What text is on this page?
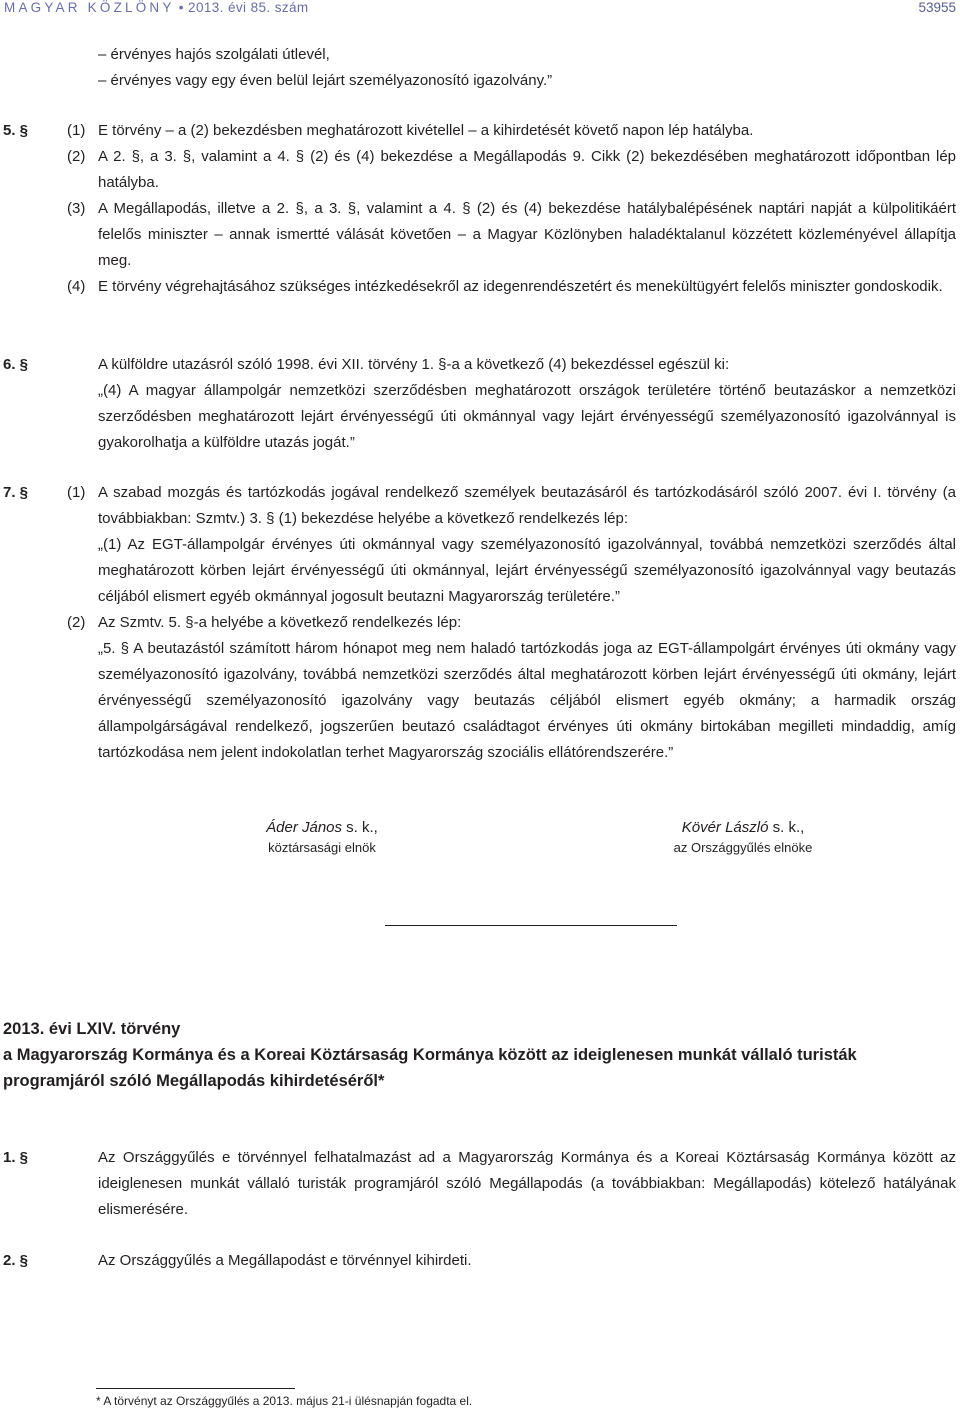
MAGYAR KÖZLÖNY • 2013. évi 85. szám	53955
– érvényes hajós szolgálati útlevél,
– érvényes vagy egy éven belül lejárt személyazonosító igazolvány.”
5. §	(1) E törvény – a (2) bekezdésben meghatározott kivétellel – a kihirdetését követő napon lép hatályba.
(2) A 2. §, a 3. §, valamint a 4. § (2) és (4) bekezdése a Megállapodás 9. Cikk (2) bekezdésében meghatározott időpontban lép hatályba.
(3) A Megállapodás, illetve a 2. §, a 3. §, valamint a 4. § (2) és (4) bekezdése hatálybalépésének naptári napját a külpolitikáért felelős miniszter – annak ismertté válását követően – a Magyar Közlönyben haladéktalanul közzétett közleményével állapítja meg.
(4) E törvény végrehajtásához szükséges intézkedésekről az idegenrendészetért és menekültügyért felelős miniszter gondoskodik.
6. §	A külföldre utazásról szóló 1998. évi XII. törvény 1. §-a a következő (4) bekezdéssel egészül ki:
„(4) A magyar állampolgár nemzetközi szerződésben meghatározott országok területére történő beutazáskor a nemzetközi szerződésben meghatározott lejárt érvényességű úti okmánnyal vagy lejárt érvényességű személyazonosító igazolvánnyal is gyakorolhatja a külföldre utazás jogát.”
7. §	(1) A szabad mozgás és tartózkodás jogával rendelkező személyek beutazásáról és tartózkodásáról szóló 2007. évi I. törvény (a továbbiakban: Szmtv.) 3. § (1) bekezdése helyébe a következő rendelkezés lép:
„(1) Az EGT-állampolgár érvényes úti okmánnyal vagy személyazonosító igazolvánnyal, továbbá nemzetközi szerződés által meghatározott körben lejárt érvényességű úti okmánnyal, lejárt érvényességű személyazonosító igazolvánnyal vagy beutazás céljából elismert egyéb okmánnyal jogosult beutazni Magyarország területére.”
(2) Az Szmtv. 5. §-a helyébe a következő rendelkezés lép:
„5. § A beutazástól számított három hónapot meg nem haladó tartózkodás joga az EGT-állampolgárt érvényes úti okmány vagy személyazonosító igazolvány, továbbá nemzetközi szerződés által meghatározott körben lejárt érvényességű úti okmány, lejárt érvényességű személyazonosító igazolvány vagy beutazás céljából elismert egyéb okmány; a harmadik ország állampolgárságával rendelkező, jogszerűen beutazó családtagot érvényes úti okmány birtokában megilleti mindaddig, amíg tartózkodása nem jelent indokolatlan terhet Magyarország szociális ellátórendszerére.”
Áder János s. k.,
köztársasági elnök
Kövér László s. k.,
az Országgyűlés elnöke
2013. évi LXIV. törvény
a Magyarország Kormánya és a Koreai Köztársaság Kormánya között az ideiglenesen munkát vállaló turisták programjáról szóló Megállapodás kihirdetéséről*
1. §	Az Országgyűlés e törvénnyel felhatalmazást ad a Magyarország Kormánya és a Koreai Köztársaság Kormánya között az ideiglenesen munkát vállaló turisták programjáról szóló Megállapodás (a továbbiakban: Megállapodás) kötelező hatályának elismerésére.
2. §	Az Országgyűlés a Megállapodást e törvénnyel kihirdeti.
* A törvényt az Országgyűlés a 2013. május 21-i ülésnapján fogadta el.
